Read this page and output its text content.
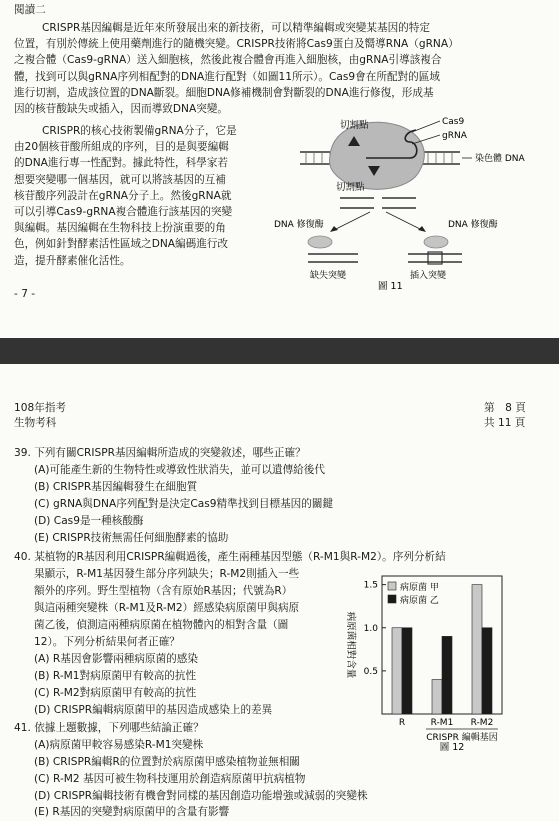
閱讀二
CRISPR基因編輯是近年來所發展出來的新技術，可以精準編輯或突變某基因的特定
位置，有別於傳統上使用藥劑進行的隨機突變。CRISPR技術將Cas9蛋白及嚮導RNA（gRNA）
之複合體（Cas9-gRNA）送入細胞核，然後此複合體會再進入細胞核，由gRNA引導該複合
體，找到可以與gRNA序列相配對的DNA進行配對（如圖11所示）。Cas9會在所配對的區域
進行切割，造成該位置的DNA斷裂。細胞DNA修補機制會對斷裂的DNA進行修復，形成基
因的核苷酸缺失或插入，因而導致DNA突變。
CRISPR的核心技術製備gRNA分子，它是
由20個核苷酸所組成的序列，目的是與要編輯
的DNA進行專一性配對。據此特性，科學家若
想要突變哪一個基因，就可以將該基因的互補
核苷酸序列設計在gRNA分子上。然後gRNA就
可以引導Cas9-gRNA複合體進行該基因的突變
與編輯。基因編輯在生物科技上扮演重要的角
色，例如針對酵素活性區域之DNA編碼進行改
造，提升酵素催化活性。
- 7 -
切割點	Cas9
gRNA
染色體 DNA
切割點
DNA 修復酶	DNA 修復酶
缺失突變	插入突變
圖 11
108年指考
生物考科
第　8 頁
共 11 頁
39. 下列有關CRISPR基因編輯所造成的突變敘述，哪些正確？
(A)可能產生新的生物特性或導致性狀消失，並可以遺傳給後代
(B) CRISPR基因編輯發生在細胞質
(C) gRNA與DNA序列配對是決定Cas9精準找到目標基因的關鍵
(D) Cas9是一種核酸酶
(E) CRISPR技術無需任何細胞酵素的協助
40. 某植物的R基因利用CRISPR編輯過後，產生兩種基因型態（R-M1與R-M2）。序列分析結
果顯示，R-M1基因發生部分序列缺失；R-M2則插入一些
額外的序列。野生型植物（含有原始R基因；代號為R）
與這兩種突變株（R-M1及R-M2）經感染病原菌甲與病原
菌乙後，偵測這兩種病原菌在植物體內的相對含量（圖
12）。下列分析結果何者正確？
(A) R基因會影響兩種病原菌的感染
(B) R-M1對病原菌甲有較高的抗性
(C) R-M2對病原菌甲有較高的抗性
(D) CRISPR編輯病原菌甲的基因造成感染上的差異
0.5
1.0
1.5
病原菌相對含量
R	R-M1 R-M2
CRISPR 編輯基因
病原菌 甲
病原菌 乙
圖 12
41. 依據上題數據，下列哪些結論正確？
(A)病原菌甲較容易感染R-M1突變株
(B) CRISPR編輯R的位置對於病原菌甲感染植物並無相關
(C) R-M2 基因可被生物科技運用於創造病原菌甲抗病植物
(D) CRISPR編輯技術有機會對同樣的基因創造功能增強或減弱的突變株
(E) R基因的突變對病原菌甲的含量有影響
